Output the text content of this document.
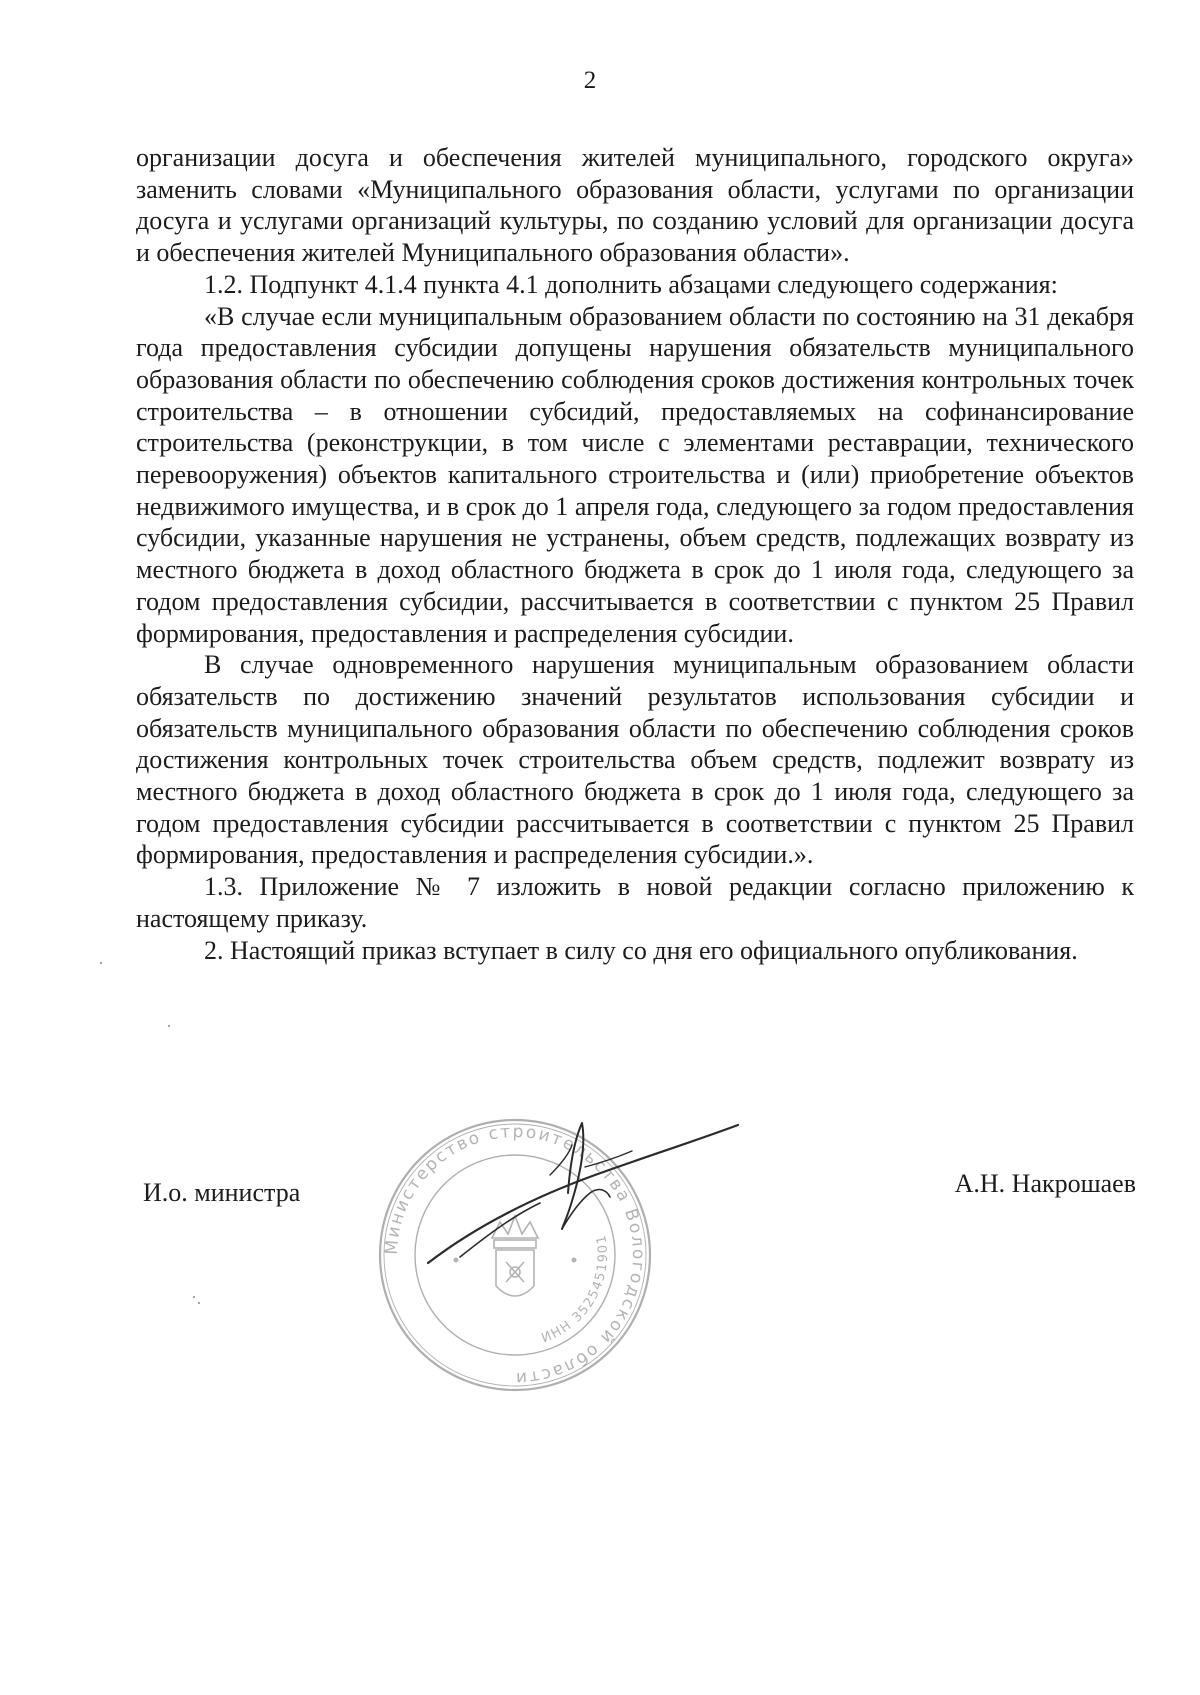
2

организации досуга и обеспечения жителей муниципального, городского округа» заменить словами «Муниципального образования области, услугами по организации досуга и услугами организаций культуры, по созданию условий для организации досуга и обеспечения жителей Муниципального образования области».

1.2. Подпункт 4.1.4 пункта 4.1 дополнить абзацами следующего содержания:

«В случае если муниципальным образованием области по состоянию на 31 декабря года предоставления субсидии допущены нарушения обязательств муниципального образования области по обеспечению соблюдения сроков достижения контрольных точек строительства – в отношении субсидий, предоставляемых на софинансирование строительства (реконструкции, в том числе с элементами реставрации, технического перевооружения) объектов капитального строительства и (или) приобретение объектов недвижимого имущества, и в срок до 1 апреля года, следующего за годом предоставления субсидии, указанные нарушения не устранены, объем средств, подлежащих возврату из местного бюджета в доход областного бюджета в срок до 1 июля года, следующего за годом предоставления субсидии, рассчитывается в соответствии с пунктом 25 Правил формирования, предоставления и распределения субсидии.

В случае одновременного нарушения муниципальным образованием области обязательств по достижению значений результатов использования субсидии и обязательств муниципального образования области по обеспечению соблюдения сроков достижения контрольных точек строительства объем средств, подлежит возврату из местного бюджета в доход областного бюджета в срок до 1 июля года, следующего за годом предоставления субсидии рассчитывается в соответствии с пунктом 25 Правил формирования, предоставления и распределения субсидии.».

1.3. Приложение № 7 изложить в новой редакции согласно приложению к настоящему приказу.

2. Настоящий приказ вступает в силу со дня его официального опубликования.

И.о. министра	А.Н. Накрошаев
Министерство строительства Вологодской области
ИНН 3525451901
